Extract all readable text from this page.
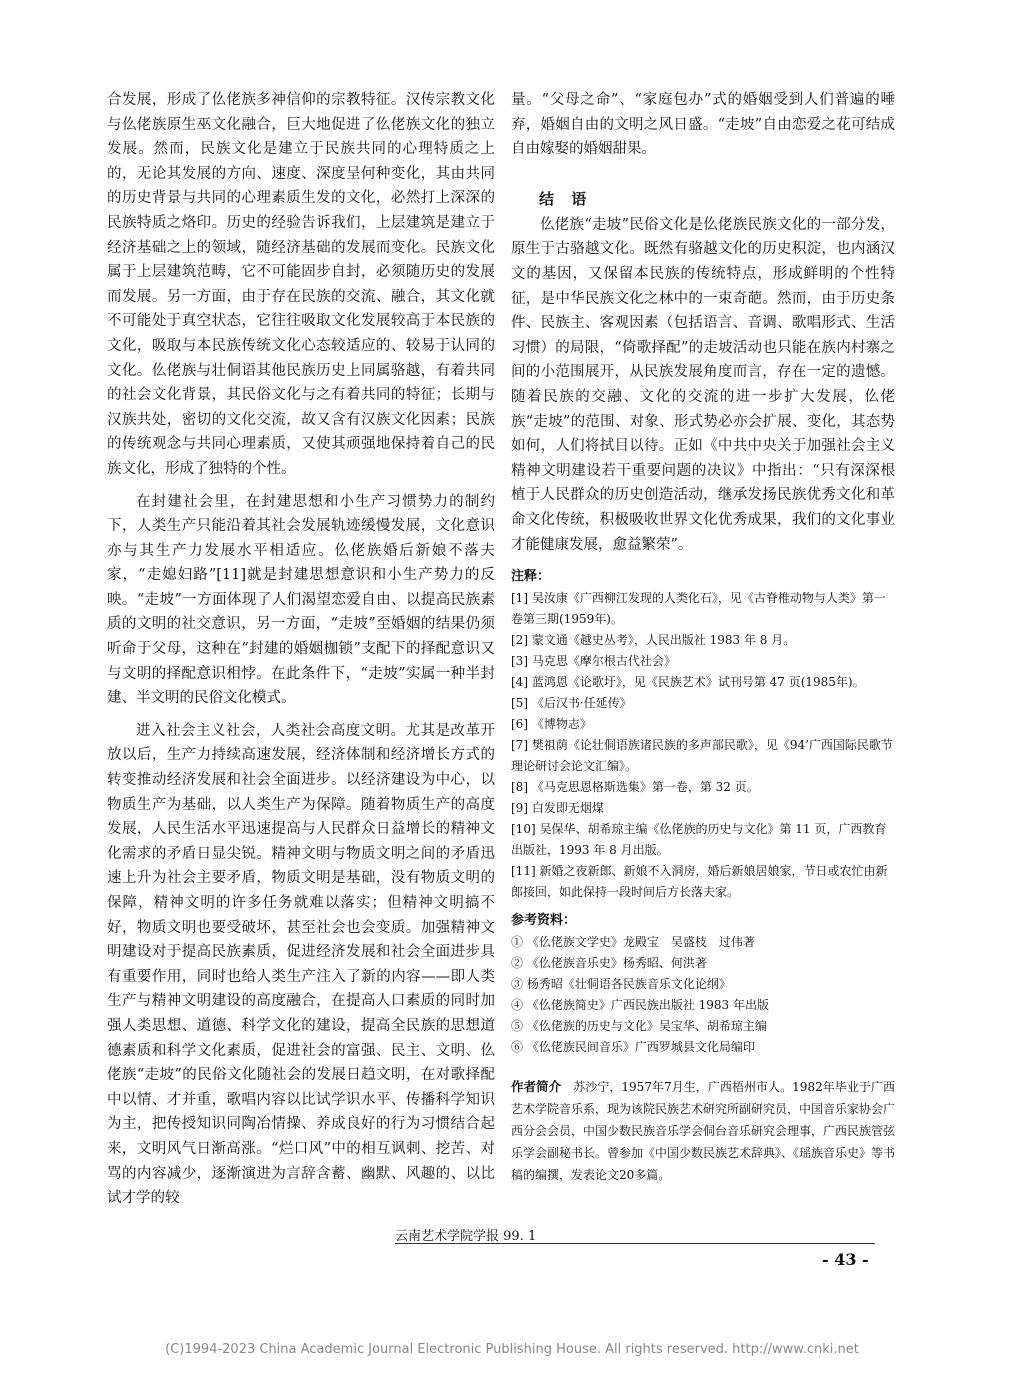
合发展，形成了仫佬族多神信仰的宗教特征。汉传宗教文化与仫佬族原生巫文化融合，巨大地促进了仫佬族文化的独立发展。然而，民族文化是建立于民族共同的心理特质之上的，无论其发展的方向、速度、深度呈何种变化，其由共同的历史背景与共同的心理素质生发的文化，必然打上深深的民族特质之烙印。历史的经验告诉我们，上层建筑是建立于经济基础之上的领域，随经济基础的发展而变化。民族文化属于上层建筑范畴，它不可能固步自封，必须随历史的发展而发展。另一方面，由于存在民族的交流、融合，其文化就不可能处于真空状态，它往往吸取文化发展较高于本民族的文化，吸取与本民族传统文化心态较适应的、较易于认同的文化。仫佬族与壮侗语其他民族历史上同属骆越，有着共同的社会文化背景，其民俗文化与之有着共同的特征；长期与汉族共处，密切的文化交流，故又含有汉族文化因素；民族的传统观念与共同心理素质，又使其顽强地保持着自己的民族文化，形成了独特的个性。

在封建社会里，在封建思想和小生产习惯势力的制约下，人类生产只能沿着其社会发展轨迹缓慢发展，文化意识亦与其生产力发展水平相适应。仫佬族婚后新娘不落夫家，“走媳妇路”[11]就是封建思想意识和小生产势力的反映。“走坡”一方面体现了人们渴望恋爱自由、以提高民族素质的文明的社交意识，另一方面，“走坡”至婚姻的结果仍须听命于父母，这种在“封建的婚姻枷锁”支配下的择配意识又与文明的择配意识相悖。在此条件下，“走坡”实属一种半封建、半文明的民俗文化模式。

进入社会主义社会，人类社会高度文明。尤其是改革开放以后，生产力持续高速发展，经济体制和经济增长方式的转变推动经济发展和社会全面进步。以经济建设为中心，以物质生产为基础，以人类生产为保障。随着物质生产的高度发展，人民生活水平迅速提高与人民群众日益增长的精神文化需求的矛盾日显尖锐。精神文明与物质文明之间的矛盾迅速上升为社会主要矛盾，物质文明是基础，没有物质文明的保障，精神文明的许多任务就难以落实；但精神文明搞不好，物质文明也要受破坏，甚至社会也会变质。加强精神文明建设对于提高民族素质，促进经济发展和社会全面进步具有重要作用，同时也给人类生产注入了新的内容——即人类生产与精神文明建设的高度融合，在提高人口素质的同时加强人类思想、道德、科学文化的建设，提高全民族的思想道德素质和科学文化素质，促进社会的富强、民主、文明、仫佬族“走坡”的民俗文化随社会的发展日趋文明，在对歌择配中以情、才并重，歌唱内容以比试学识水平、传播科学知识为主，把传授知识同陶冶情操、养成良好的行为习惯结合起来，文明风气日渐高涨。“烂口风”中的相互讽刺、挖苦、对骂的内容减少，逐渐演进为言辞含蓄、幽默、风趣的、以比试才学的较

量。“父母之命”、“家庭包办”式的婚姻受到人们普遍的唾弃，婚姻自由的文明之风日盛。“走坡”自由恋爱之花可结成自由嫁娶的婚姻甜果。

结 语

仫佬族“走坡”民俗文化是仫佬族民族文化的一部分发，原生于古骆越文化。既然有骆越文化的历史积淀，也内涵汉文的基因，又保留本民族的传统特点，形成鲜明的个性特征，是中华民族文化之林中的一束奇葩。然而，由于历史条件、民族主、客观因素（包括语言、音调、歌唱形式、生活习惯）的局限，“倚歌择配”的走坡活动也只能在族内村寨之间的小范围展开，从民族发展角度而言，存在一定的遗憾。随着民族的交融、文化的交流的进一步扩大发展，仫佬族“走坡”的范围、对象、形式势必亦会扩展、变化，其态势如何，人们将拭目以待。正如《中共中央关于加强社会主义精神文明建设若干重要问题的决议》中指出：“只有深深根植于人民群众的历史创造活动，继承发扬民族优秀文化和革命文化传统，积极吸收世界文化优秀成果，我们的文化事业才能健康发展，愈益繁荣”。

注释：

[1] 吴汝康《广西柳江发现的人类化石》，见《古脊椎动物与人类》第一卷第三期(1959年)。

[2] 蒙文通《越史丛考》，人民出版社 1983 年 8 月。

[3] 马克思《摩尔根古代社会》

[4] 蓝鸿恩《论歌圩》，见《民族艺术》试刊号第 47 页(1985年)。

[5] 《后汉书·任延传》

[6] 《博物志》

[7] 樊祖荫《论壮侗语族诸民族的多声部民歌》，见《94’广西国际民歌节理论研讨会论文汇编》。

[8] 《马克思恩格斯选集》第一卷，第 32 页。

[9] 白发即无烟煤

[10] 吴保华、胡希琼主编《仫佬族的历史与文化》第 11 页，广西教育出版社，1993 年 8 月出版。

[11] 新婚之夜新郎、新娘不入洞房，婚后新娘居娘家，节日或农忙由新郎接回，如此保持一段时间后方长落夫家。

参考资料：

① 《仫佬族文学史》龙殿宝　吴盛枝　过伟著

② 《仫佬族音乐史》杨秀昭、何洪著

③ 杨秀昭《壮侗语各民族音乐文化论纲》

④ 《仫佬族简史》广西民族出版社 1983 年出版

⑤ 《仫佬族的历史与文化》吴宝华、胡希琼主编

⑥ 《仫佬族民间音乐》广西罗城县文化局编印

作者简介　 苏沙宁，1957年7月生，广西梧州市人。1982年毕业于广西艺术学院音乐系，现为该院民族艺术研究所副研究员，中国音乐家协会广西分会会员，中国少数民族音乐学会侗台音乐研究会理事，广西民族管弦乐学会副秘书长。曾参加《中国少数民族艺术辞典》、《瑶族音乐史》等书稿的编撰，发表论文20多篇。

云南艺术学院学报 99. 1
- 43 -
(C)1994-2023 China Academic Journal Electronic Publishing House. All rights reserved. http://www.cnki.net
